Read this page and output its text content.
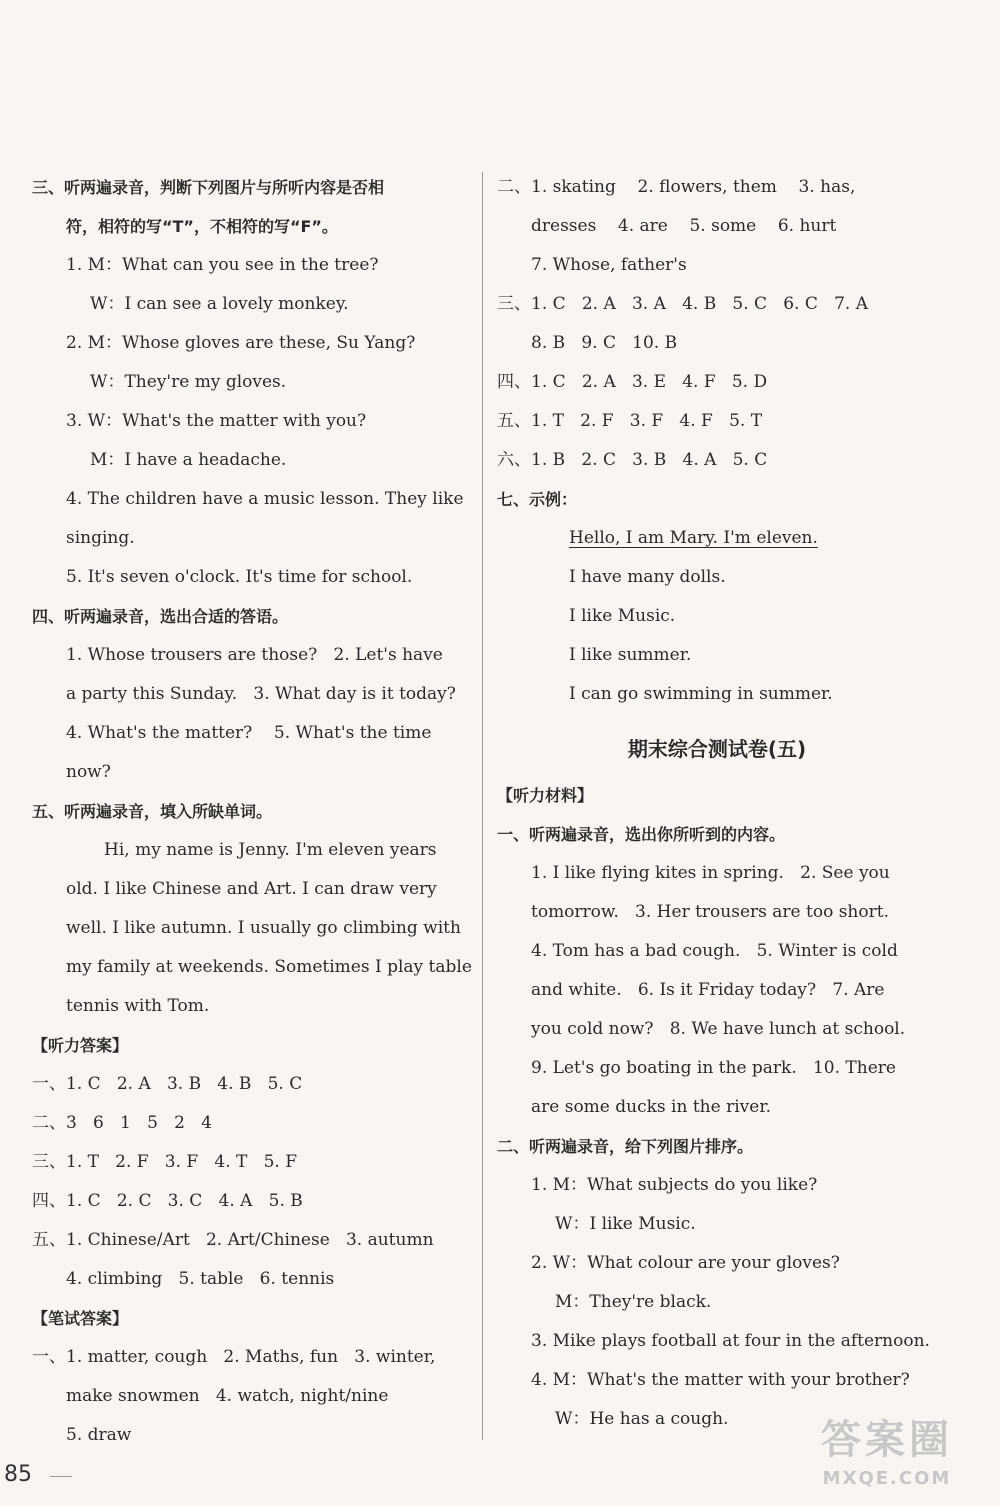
三、听两遍录音，判断下列图片与所听内容是否相
符，相符的写“T”，不相符的写“F”。
1. M：What can you see in the tree?
W：I can see a lovely monkey.
2. M：Whose gloves are these, Su Yang?
W：They're my gloves.
3. W：What's the matter with you?
M：I have a headache.
4. The children have a music lesson. They like
singing.
5. It's seven o'clock. It's time for school.
四、听两遍录音，选出合适的答语。
1. Whose trousers are those?   2. Let's have
a party this Sunday.   3. What day is it today?
4. What's the matter?    5. What's the time
now?
五、听两遍录音，填入所缺单词。
Hi, my name is Jenny. I'm eleven years
old. I like Chinese and Art. I can draw very
well. I like autumn. I usually go climbing with
my family at weekends. Sometimes I play table
tennis with Tom.
【听力答案】
一、1. C   2. A   3. B   4. B   5. C
二、3   6   1   5   2   4
三、1. T   2. F   3. F   4. T   5. F
四、1. C   2. C   3. C   4. A   5. B
五、1. Chinese/Art   2. Art/Chinese   3. autumn
4. climbing   5. table   6. tennis
【笔试答案】
一、1. matter, cough   2. Maths, fun   3. winter,
make snowmen   4. watch, night/nine
5. draw
二、1. skating    2. flowers, them    3. has,
dresses    4. are    5. some    6. hurt
7. Whose, father's
三、1. C   2. A   3. A   4. B   5. C   6. C   7. A
8. B   9. C   10. B
四、1. C   2. A   3. E   4. F   5. D
五、1. T   2. F   3. F   4. F   5. T
六、1. B   2. C   3. B   4. A   5. C
七、示例：
Hello, I am Mary. I'm eleven.
I have many dolls.
I like Music.
I like summer.
I can go swimming in summer.
期末综合测试卷(五)
【听力材料】
一、听两遍录音，选出你所听到的内容。
1. I like flying kites in spring.   2. See you
tomorrow.   3. Her trousers are too short.
4. Tom has a bad cough.   5. Winter is cold
and white.   6. Is it Friday today?   7. Are
you cold now?   8. We have lunch at school.
9. Let's go boating in the park.   10. There
are some ducks in the river.
二、听两遍录音，给下列图片排序。
1. M：What subjects do you like?
W：I like Music.
2. W：What colour are your gloves?
M：They're black.
3. Mike plays football at four in the afternoon.
4. M：What's the matter with your brother?
W：He has a cough.
85
答案圈
MXQE.COM
